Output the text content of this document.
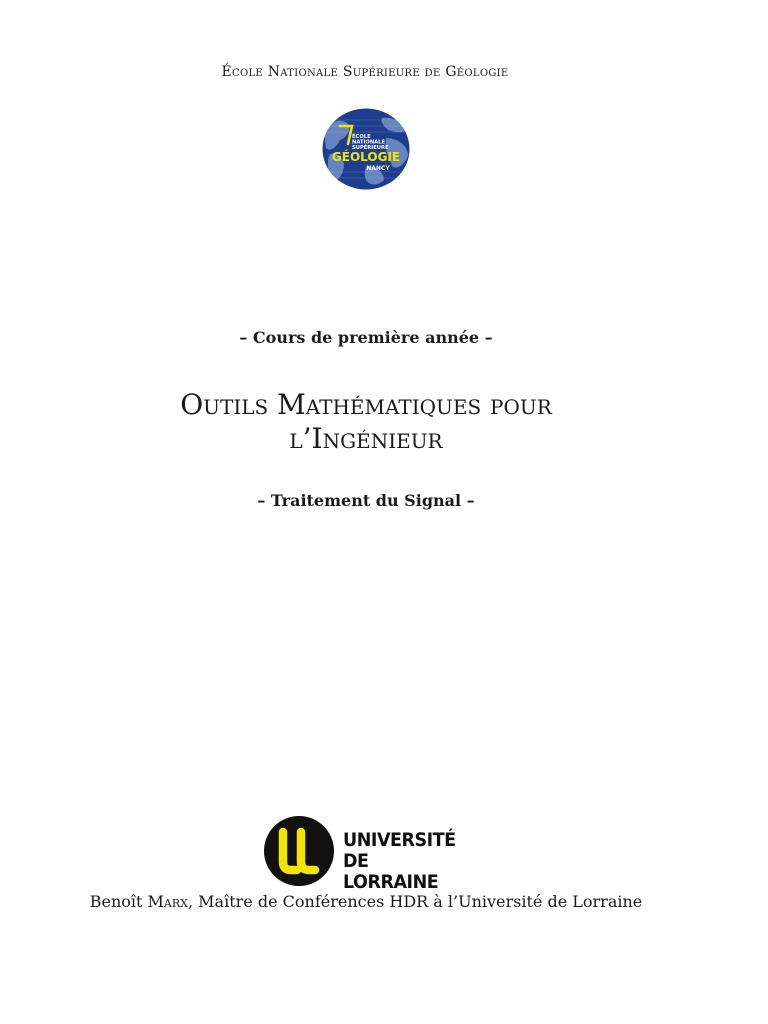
École Nationale Supérieure de Géologie
ÉCOLE
NATIONALE
SUPÉRIEURE
GÉOLOGIE
NANCY
– Cours de première année –
Outils Mathématiques pour
l’Ingénieur
– Traitement du Signal –
UNIVERSITÉ
DE LORRAINE
Benoît Marx, Maître de Conférences HDR à l’Université de Lorraine
